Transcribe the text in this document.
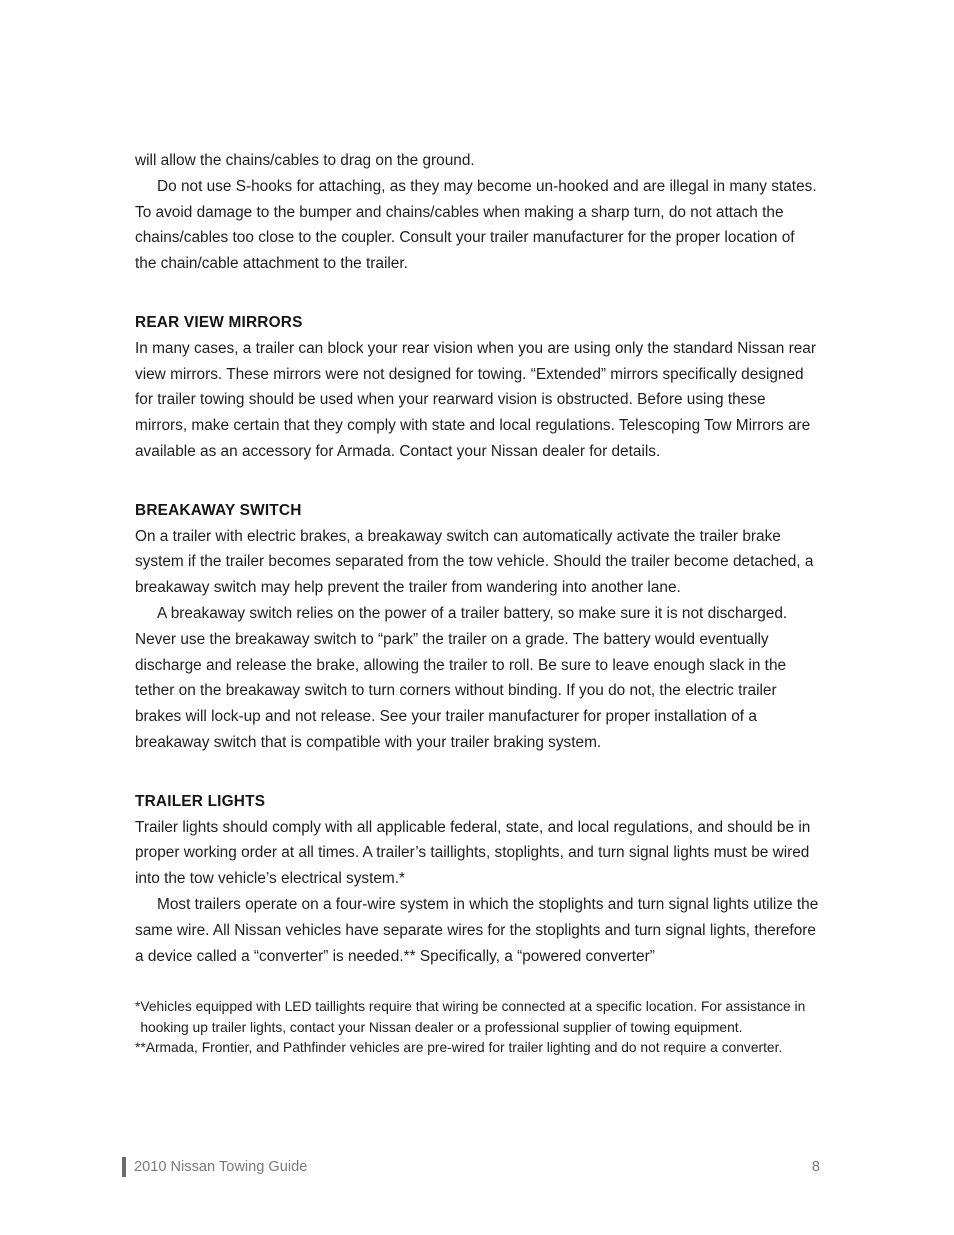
will allow the chains/cables to drag on the ground.

Do not use S-hooks for attaching, as they may become un-hooked and are illegal in many states. To avoid damage to the bumper and chains/cables when making a sharp turn, do not attach the chains/cables too close to the coupler. Consult your trailer manufacturer for the proper location of the chain/cable attachment to the trailer.

REAR VIEW MIRRORS

In many cases, a trailer can block your rear vision when you are using only the standard Nissan rear view mirrors. These mirrors were not designed for towing. “Extended” mirrors specifically designed for trailer towing should be used when your rearward vision is obstructed. Before using these mirrors, make certain that they comply with state and local regulations. Telescoping Tow Mirrors are available as an accessory for Armada. Contact your Nissan dealer for details.

BREAKAWAY SWITCH

On a trailer with electric brakes, a breakaway switch can automatically activate the trailer brake system if the trailer becomes separated from the tow vehicle. Should the trailer become detached, a breakaway switch may help prevent the trailer from wandering into another lane.

A breakaway switch relies on the power of a trailer battery, so make sure it is not discharged. Never use the breakaway switch to “park” the trailer on a grade. The battery would eventually discharge and release the brake, allowing the trailer to roll. Be sure to leave enough slack in the tether on the breakaway switch to turn corners without binding. If you do not, the electric trailer brakes will lock-up and not release. See your trailer manufacturer for proper installation of a breakaway switch that is compatible with your trailer braking system.

TRAILER LIGHTS

Trailer lights should comply with all applicable federal, state, and local regulations, and should be in proper working order at all times. A trailer’s taillights, stoplights, and turn signal lights must be wired into the tow vehicle’s electrical system.*

Most trailers operate on a four-wire system in which the stoplights and turn signal lights utilize the same wire. All Nissan vehicles have separate wires for the stoplights and turn signal lights, therefore a device called a “converter” is needed.** Specifically, a “powered converter”

* Vehicles equipped with LED taillights require that wiring be connected at a specific location. For assistance in hooking up trailer lights, contact your Nissan dealer or a professional supplier of towing equipment.

** Armada, Frontier, and Pathfinder vehicles are pre-wired for trailer lighting and do not require a converter.

2010 Nissan Towing Guide	8
